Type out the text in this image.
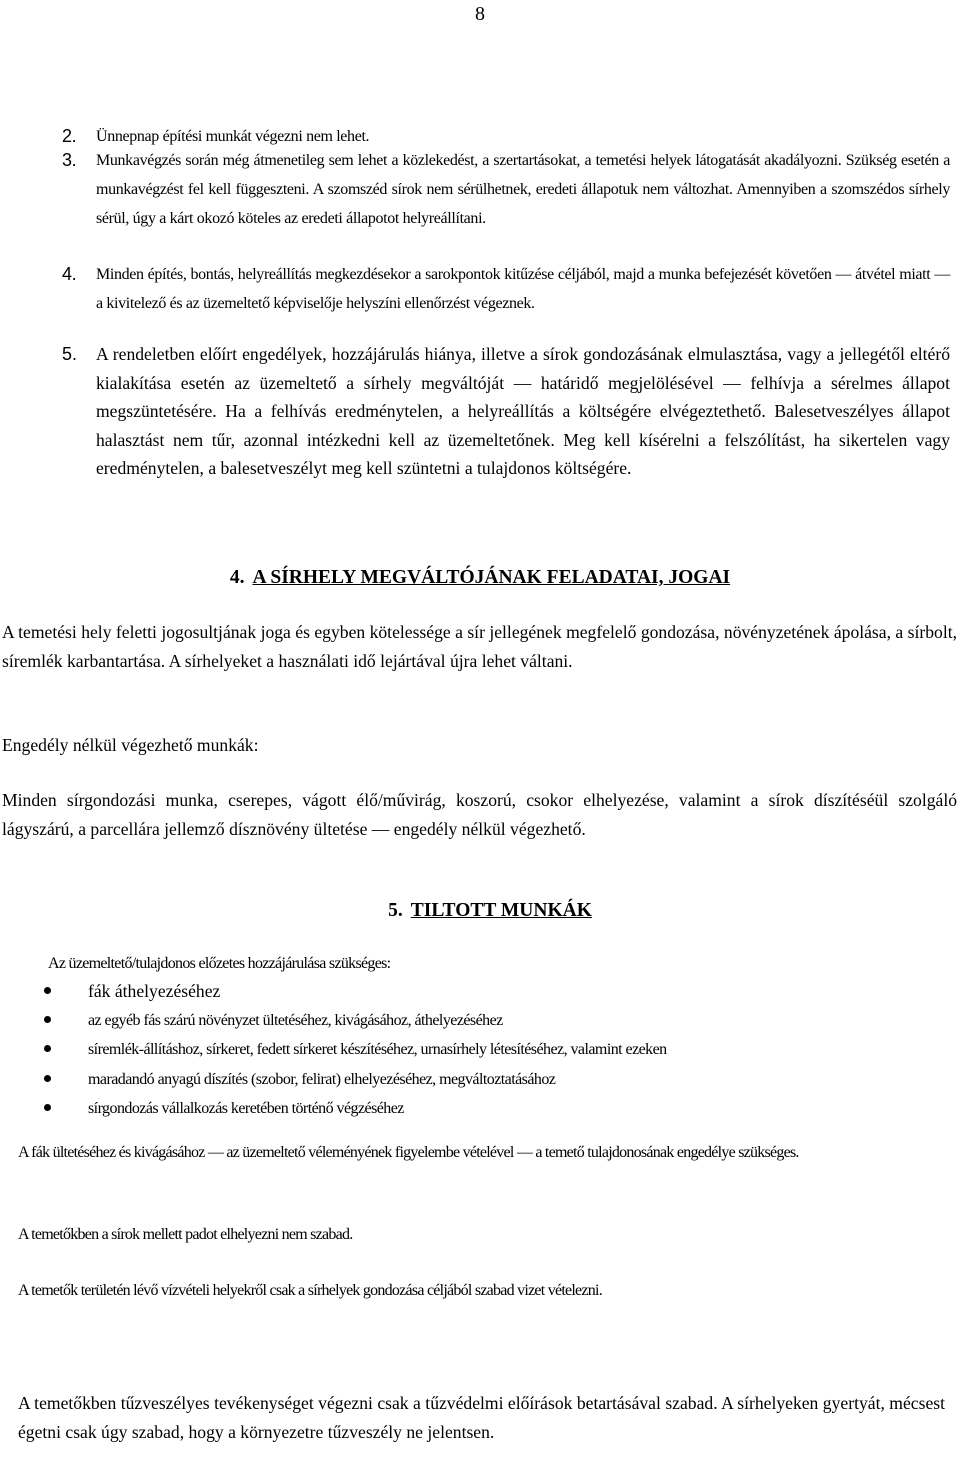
8
2. Ünnepnap építési munkát végezni nem lehet.
3. Munkavégzés során még átmenetileg sem lehet a közlekedést, a szertartásokat, a temetési helyek látogatását akadályozni. Szükség esetén a munkavégzést fel kell függeszteni. A szomszéd sírok nem sérülhetnek, eredeti állapotuk nem változhat. Amennyiben a szomszédos sírhely sérül, úgy a kárt okozó köteles az eredeti állapotot helyreállítani.
4. Minden építés, bontás, helyreállítás megkezdésekor a sarokpontok kitűzése céljából, majd a munka befejezését követően — átvétel miatt — a kivitelező és az üzemeltető képviselője helyszíni ellenőrzést végeznek.
5. A rendeletben előírt engedélyek, hozzájárulás hiánya, illetve a sírok gondozásának elmulasztása, vagy a jellegétől eltérő kialakítása esetén az üzemeltető a sírhely megváltóját — határidő megjelölésével — felhívja a sérelmes állapot megszüntetésére. Ha a felhívás eredménytelen, a helyreállítás a költségére elvégeztethető. Balesetveszélyes állapot halasztást nem tűr, azonnal intézkedni kell az üzemeltetőnek. Meg kell kísérelni a felszólítást, ha sikertelen vagy eredménytelen, a balesetveszélyt meg kell szüntetni a tulajdonos költségére.
4. A SÍRHELY MEGVÁLTÓJÁNAK FELADATAI, JOGAI
A temetési hely feletti jogosultjának joga és egyben kötelessége a sír jellegének megfelelő gondozása, növényzetének ápolása, a sírbolt, síremlék karbantartása. A sírhelyeket a használati idő lejártával újra lehet váltani.
Engedély nélkül végezhető munkák:
Minden sírgondozási munka, cserepes, vágott élő/művirág, koszorú, csokor elhelyezése, valamint a sírok díszítéséül szolgáló lágyszárú, a parcellára jellemző dísznövény ültetése — engedély nélkül végezhető.
5. TILTOTT MUNKÁK
Az üzemeltető/tulajdonos előzetes hozzájárulása szükséges:
fák áthelyezéséhez
az egyéb fás szárú növényzet ültetéséhez, kivágásához, áthelyezéséhez
síremlék-állításhoz, sírkeret, fedett sírkeret készítéséhez, urnasírhely létesítéséhez, valamint ezeken
maradandó anyagú díszítés (szobor, felirat) elhelyezéséhez, megváltoztatásához
sírgondozás vállalkozás keretében történő végzéséhez
A fák ültetéséhez és kivágásához — az üzemeltető véleményének figyelembe vételével — a temető tulajdonosának engedélye szükséges.
A temetőkben a sírok mellett padot elhelyezni nem szabad.
A temetők területén lévő vízvételi helyekről csak a sírhelyek gondozása céljából szabad vizet vételezni.
A temetőkben tűzveszélyes tevékenységet végezni csak a tűzvédelmi előírások betartásával szabad. A sírhelyeken gyertyát, mécsest égetni csak úgy szabad, hogy a környezetre tűzveszély ne jelentsen.
